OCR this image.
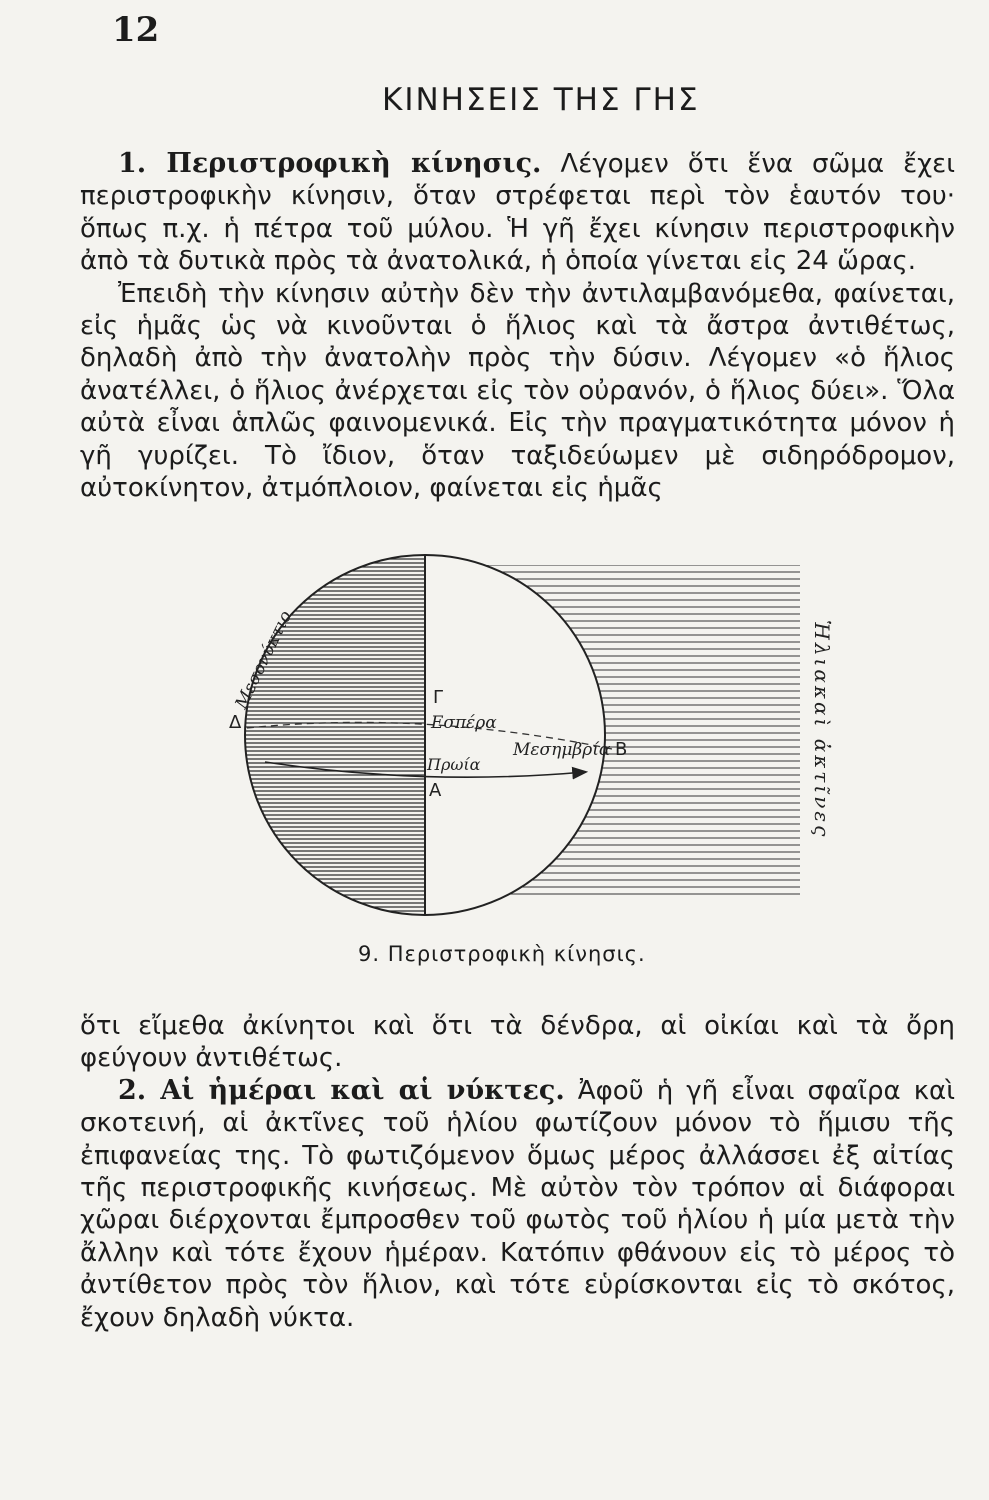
12
ΚΙΝΗΣΕΙΣ ΤΗΣ ΓΗΣ

1. Περιστροφικὴ κίνησις. Λέγομεν ὅτι ἕνα σῶμα ἔχει περιστροφικὴν κίνησιν, ὅταν στρέφεται περὶ τὸν ἑαυτόν του· ὅπως π.χ. ἡ πέτρα τοῦ μύλου. Ἡ γῆ ἔχει κίνησιν περιστροφικὴν ἀπὸ τὰ δυτικὰ πρὸς τὰ ἀνατολικά, ἡ ὁποία γίνεται εἰς 24 ὥρας.

Ἐπειδὴ τὴν κίνησιν αὐτὴν δὲν τὴν ἀντιλαμβανόμεθα, φαίνεται, εἰς ἡμᾶς ὡς νὰ κινοῦνται ὁ ἥλιος καὶ τὰ ἄστρα ἀντιθέτως, δηλαδὴ ἀπὸ τὴν ἀνατολὴν πρὸς τὴν δύσιν. Λέγομεν «ὁ ἥλιος ἀνατέλλει, ὁ ἥλιος ἀνέρχεται εἰς τὸν οὐρανόν, ὁ ἥλιος δύει». Ὅλα αὐτὰ εἶναι ἁπλῶς φαινομενικά. Εἰς τὴν πραγματικότητα μόνον ἡ γῆ γυρίζει. Τὸ ἴδιον, ὅταν ταξιδεύωμεν μὲ σιδηρόδρομον, αὐτοκίνητον, ἀτμόπλοιον, φαίνεται εἰς ἡμᾶς

Μεσονύκτιο
Εσπέρα
Μεσημβρία
Πρωία
Γ
Δ
Α
Β	Ἡλιακαὶ ἀκτῖνες
9. Περιστροφικὴ κίνησις.

ὅτι εἴμεθα ἀκίνητοι καὶ ὅτι τὰ δένδρα, αἱ οἰκίαι καὶ τὰ ὄρη φεύγουν ἀντιθέτως.

2. Αἱ ἡμέραι καὶ αἱ νύκτες. Ἀφοῦ ἡ γῆ εἶναι σφαῖρα καὶ σκοτεινή, αἱ ἀκτῖνες τοῦ ἡλίου φωτίζουν μόνον τὸ ἥμισυ τῆς ἐπιφανείας της. Τὸ φωτιζόμενον ὅμως μέρος ἀλλάσσει ἐξ αἰτίας τῆς περιστροφικῆς κινήσεως. Μὲ αὐτὸν τὸν τρόπον αἱ διάφοραι χῶραι διέρχονται ἔμπροσθεν τοῦ φωτὸς τοῦ ἡλίου ἡ μία μετὰ τὴν ἄλλην καὶ τότε ἔχουν ἡμέραν. Κατόπιν φθάνουν εἰς τὸ μέρος τὸ ἀντίθετον πρὸς τὸν ἥλιον, καὶ τότε εὑρίσκονται εἰς τὸ σκότος, ἔχουν δηλαδὴ νύκτα.
